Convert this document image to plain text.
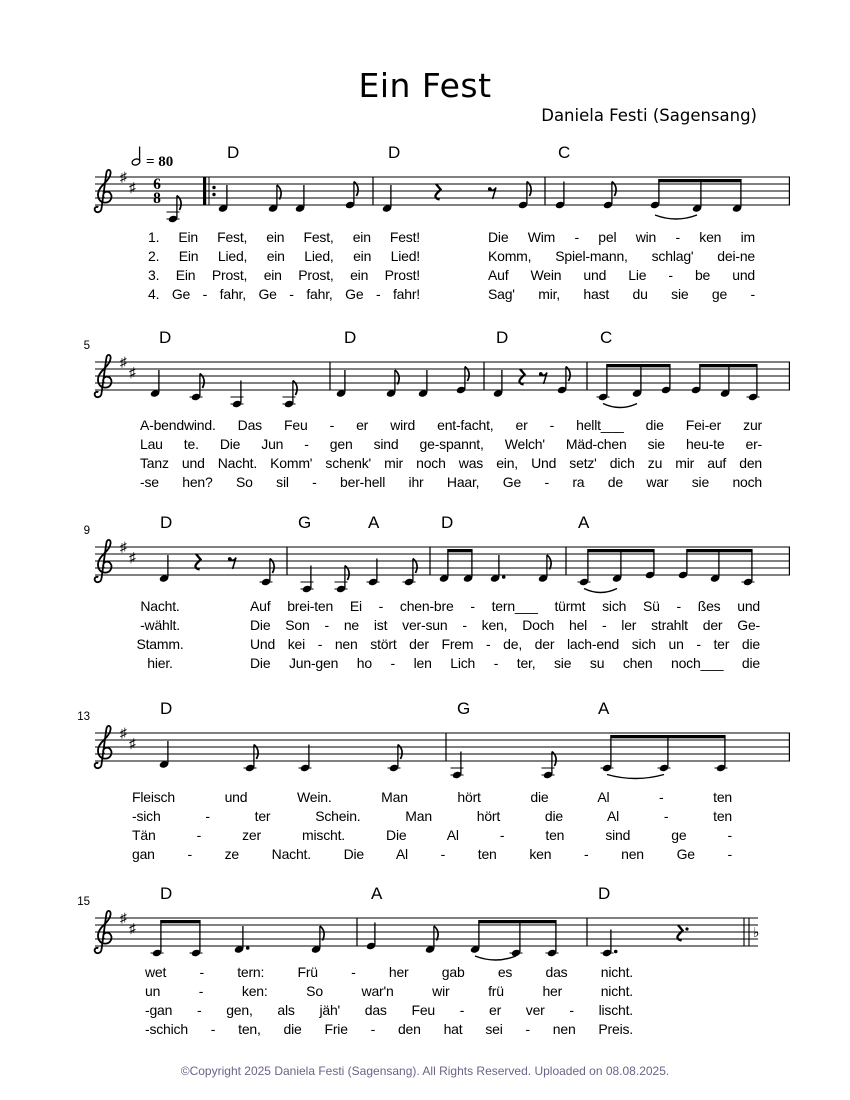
Ein Fest
Daniela Festi (Sagensang)
♯
♯ 6
8
= 80	D	D	C
♯
♯
D	D	D	C
5
♯
♯
D	G	A	D	A
9
♯
♯
D	G	A
13
♭
♯
♯
D	A	D
15
1. Ein Fest, ein Fest, ein Fest!	Die Wim - pel win - ken im
2. Ein Lied, ein Lied, ein Lied!	Komm, Spiel-mann, schlag' dei-ne
3. Ein Prost, ein Prost, ein Prost!	Auf Wein und Lie - be und
4. Ge - fahr, Ge - fahr, Ge - fahr!	Sag' mir, hast du sie ge -
A-bendwind. Das Feu - er wird ent-facht, er - hellt___ die Fei-er zur
Lau te. Die Jun - gen sind ge-spannt, Welch' Mäd-chen sie heu-te er-
Tanz und Nacht. Komm' schenk' mir noch was ein, Und setz' dich zu mir auf den
-se hen? So sil - ber-hell ihr Haar, Ge - ra de war sie noch
Nacht.	Auf brei-ten Ei - chen-bre - tern___ türmt sich Sü - ßes und
-wählt.	Die Son - ne ist ver-sun - ken, Doch hel - ler strahlt der Ge-
Stamm.	Und kei - nen stört der Frem - de, der lach-end sich un - ter die
hier.	Die Jun-gen ho - len Lich - ter, sie su chen noch___ die
Fleisch und Wein. Man hört die Al - ten
-sich - ter Schein. Man hört die Al - ten
Tän - zer mischt. Die Al - ten sind ge -
gan - ze Nacht. Die Al - ten ken - nen Ge -
wet - tern: Frü - her gab es das nicht.
un - ken: So war'n wir frü her nicht.
-gan - gen, als jäh' das Feu - er ver - lischt.
-schich - ten, die Frie - den hat sei - nen Preis.
©Copyright 2025 Daniela Festi (Sagensang). All Rights Reserved. Uploaded on 08.08.2025.
